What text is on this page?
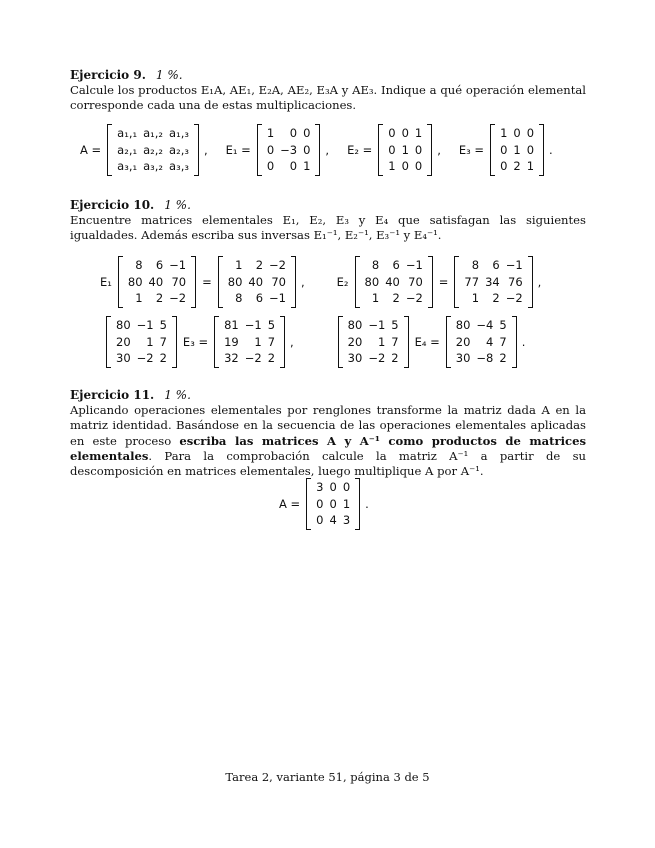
Ejercicio 9. 1 %.

Calcule los productos E₁A, AE₁, E₂A, AE₂, E₃A y AE₃. Indique a qué operación elemental corresponde cada una de estas multiplicaciones.

A =
a₁,₁	a₁,₂	a₁,₃
a₂,₁	a₂,₂	a₂,₃
a₃,₁	a₃,₂	a₃,₃
,	E₁ =
1	0	0
0	−3	0
0	0	1
,	E₂ =
0	0	1
0	1	0
1	0	0
,	E₃ =
1	0	0
0	1	0
0	2	1
.
Ejercicio 10. 1 %.

Encuentre matrices elementales E₁, E₂, E₃ y E₄ que satisfagan las siguientes igualdades. Además escriba sus inversas E₁⁻¹, E₂⁻¹, E₃⁻¹ y E₄⁻¹.

E₁
8	6	−1
80	40	70
1	2	−2
=
1	2	−2
80	40	70
8	6	−1
,	E₂
8	6	−1
80	40	70
1	2	−2
=
8	6	−1
77	34	76
1	2	−2
,
80	−1	5
20	1	7
30	−2	2
E₃ =
81	−1	5
19	1	7
32	−2	2
,
80	−1	5
20	1	7
30	−2	2
E₄ =
80	−4	5
20	4	7
30	−8	2
.
Ejercicio 11. 1 %.

Aplicando operaciones elementales por renglones transforme la matriz dada A en la matriz identidad. Basándose en la secuencia de las operaciones elementales aplicadas en este proceso escriba las matrices A y A⁻¹ como productos de matrices elementales. Para la comprobación calcule la matriz A⁻¹ a partir de su descomposición en matrices elementales, luego multiplique A por A⁻¹.

A =
3	0	0
0	0	1
0	4	3
.
Tarea 2, variante 51, página 3 de 5
